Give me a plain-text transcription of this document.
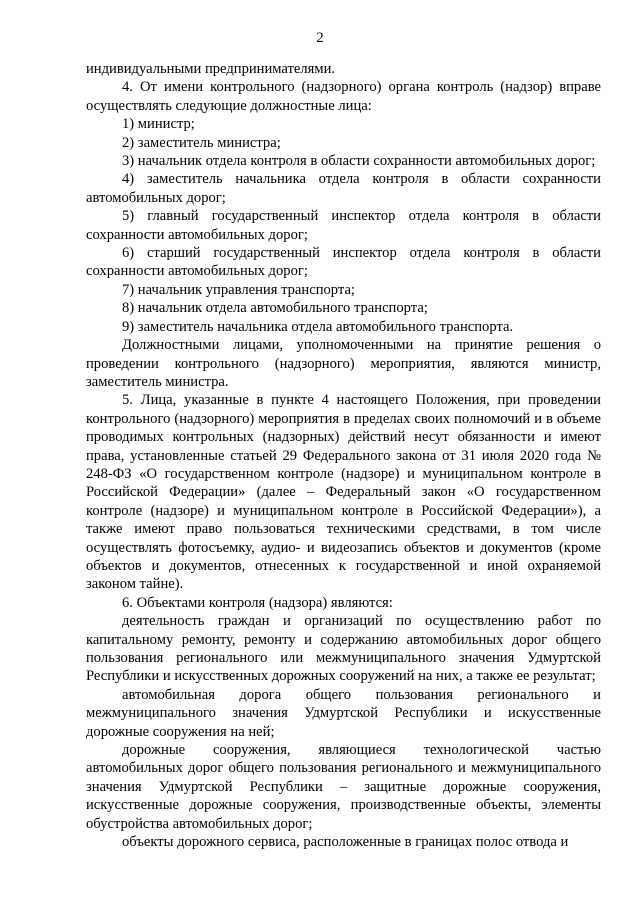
2

индивидуальными предпринимателями.

4. От имени контрольного (надзорного) органа контроль (надзор) вправе осуществлять следующие должностные лица:

1) министр;

2) заместитель министра;

3) начальник отдела контроля в области сохранности автомобильных дорог;

4) заместитель начальника отдела контроля в области сохранности автомобильных дорог;

5) главный государственный инспектор отдела контроля в области сохранности автомобильных дорог;

6) старший государственный инспектор отдела контроля в области сохранности автомобильных дорог;

7) начальник управления транспорта;

8) начальник отдела автомобильного транспорта;

9) заместитель начальника отдела автомобильного транспорта.

Должностными лицами, уполномоченными на принятие решения о проведении контрольного (надзорного) мероприятия, являются министр, заместитель министра.

5. Лица, указанные в пункте 4 настоящего Положения, при проведении контрольного (надзорного) мероприятия в пределах своих полномочий и в объеме проводимых контрольных (надзорных) действий несут обязанности и имеют права, установленные статьей 29 Федерального закона от 31 июля 2020 года № 248-ФЗ «О государственном контроле (надзоре) и муниципальном контроле в Российской Федерации» (далее – Федеральный закон «О государственном контроле (надзоре) и муниципальном контроле в Российской Федерации»), а также имеют право пользоваться техническими средствами, в том числе осуществлять фотосъемку, аудио- и видеозапись объектов и документов (кроме объектов и документов, отнесенных к государственной и иной охраняемой законом тайне).

6. Объектами контроля (надзора) являются:

деятельность граждан и организаций по осуществлению работ по капитальному ремонту, ремонту и содержанию автомобильных дорог общего пользования регионального или межмуниципального значения Удмуртской Республики и искусственных дорожных сооружений на них, а также ее результат;

автомобильная дорога общего пользования регионального и межмуниципального значения Удмуртской Республики и искусственные дорожные сооружения на ней;

дорожные сооружения, являющиеся технологической частью автомобильных дорог общего пользования регионального и межмуниципального значения Удмуртской Республики – защитные дорожные сооружения, искусственные дорожные сооружения, производственные объекты, элементы обустройства автомобильных дорог;

объекты дорожного сервиса, расположенные в границах полос отвода и
